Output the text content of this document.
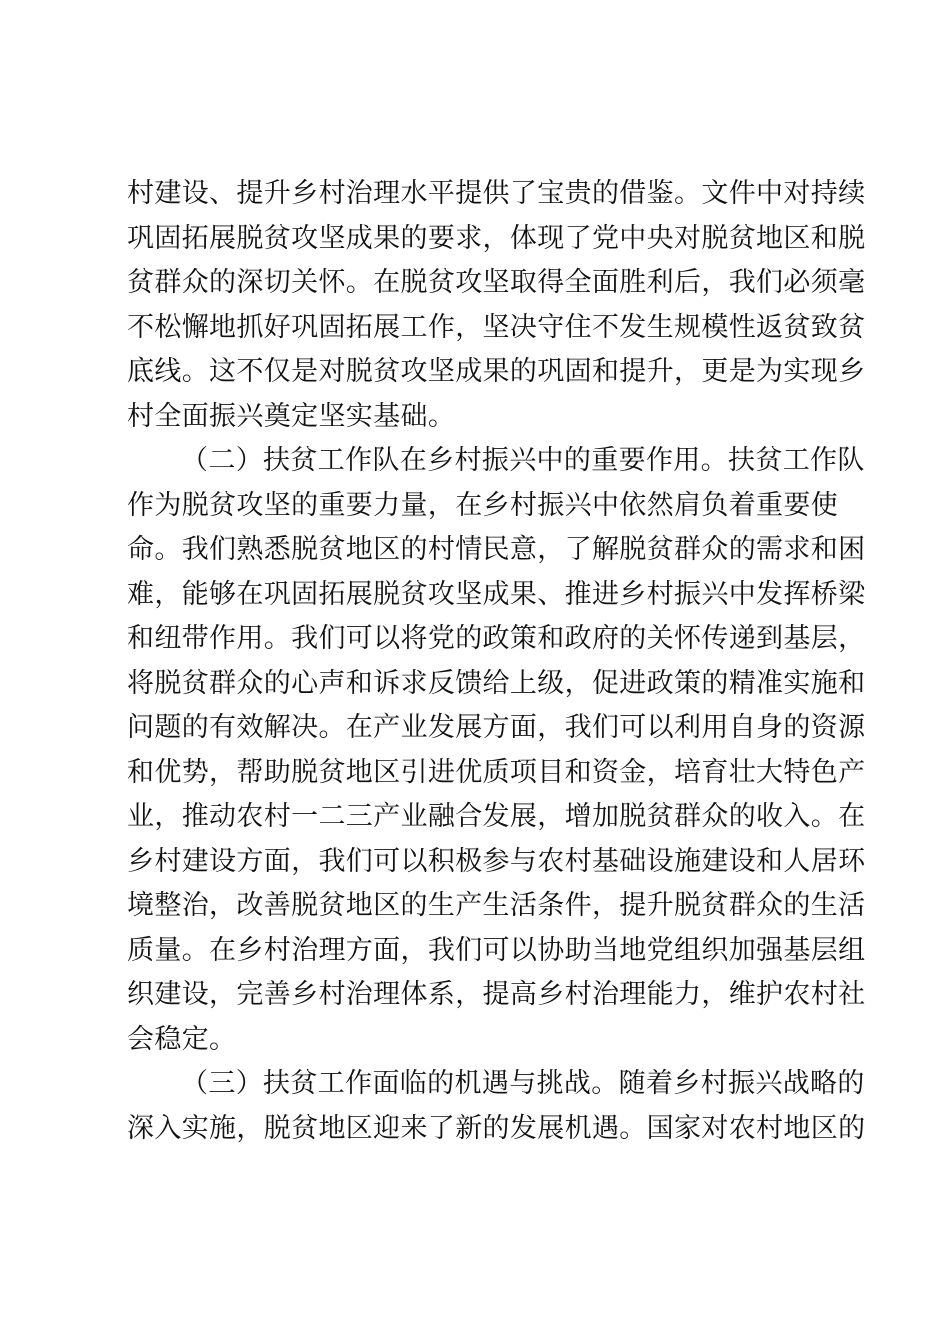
村建设、提升乡村治理水平提供了宝贵的借鉴。文件中对持续
巩固拓展脱贫攻坚成果的要求，体现了党中央对脱贫地区和脱
贫群众的深切关怀。在脱贫攻坚取得全面胜利后，我们必须毫
不松懈地抓好巩固拓展工作，坚决守住不发生规模性返贫致贫
底线。这不仅是对脱贫攻坚成果的巩固和提升，更是为实现乡
村全面振兴奠定坚实基础。
（二）扶贫工作队在乡村振兴中的重要作用。扶贫工作队
作为脱贫攻坚的重要力量，在乡村振兴中依然肩负着重要使
命。我们熟悉脱贫地区的村情民意，了解脱贫群众的需求和困
难，能够在巩固拓展脱贫攻坚成果、推进乡村振兴中发挥桥梁
和纽带作用。我们可以将党的政策和政府的关怀传递到基层，
将脱贫群众的心声和诉求反馈给上级，促进政策的精准实施和
问题的有效解决。在产业发展方面，我们可以利用自身的资源
和优势，帮助脱贫地区引进优质项目和资金，培育壮大特色产
业，推动农村一二三产业融合发展，增加脱贫群众的收入。在
乡村建设方面，我们可以积极参与农村基础设施建设和人居环
境整治，改善脱贫地区的生产生活条件，提升脱贫群众的生活
质量。在乡村治理方面，我们可以协助当地党组织加强基层组
织建设，完善乡村治理体系，提高乡村治理能力，维护农村社
会稳定。
（三）扶贫工作面临的机遇与挑战。随着乡村振兴战略的
深入实施，脱贫地区迎来了新的发展机遇。国家对农村地区的
